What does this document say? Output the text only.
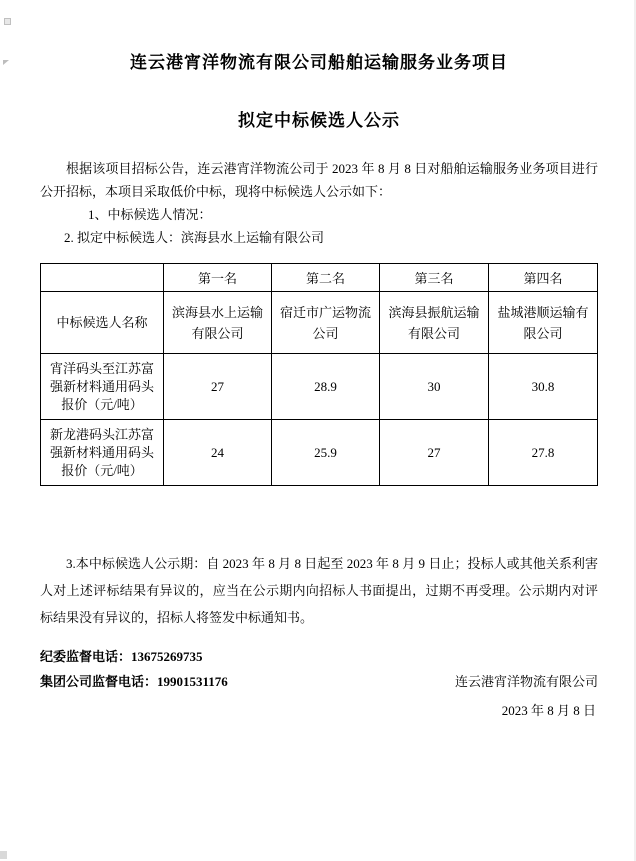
连云港宵洋物流有限公司船舶运输服务业务项目
拟定中标候选人公示

根据该项目招标公告，连云港宵洋物流公司于 2023 年 8 月 8 日对船舶运输服务业务项目进行公开招标，本项目采取低价中标，现将中标候选人公示如下：

1、中标候选人情况：

2. 拟定中标候选人：滨海县水上运输有限公司

	第一名	第二名	第三名	第四名
中标候选人名称	滨海县水上运输有限公司	宿迁市广运物流公司	滨海县振航运输有限公司	盐城港顺运输有限公司
宵洋码头至江苏富强新材料通用码头报价（元/吨）	27	28.9	30	30.8
新龙港码头江苏富强新材料通用码头报价（元/吨）	24	25.9	27	27.8

3.本中标候选人公示期：自 2023 年 8 月 8 日起至 2023 年 8 月 9 日止；投标人或其他关系利害人对上述评标结果有异议的，应当在公示期内向招标人书面提出，过期不再受理。公示期内对评标结果没有异议的，招标人将签发中标通知书。

纪委监督电话：13675269735

集团公司监督电话：19901531176	连云港宵洋物流有限公司

2023 年 8 月 8 日
